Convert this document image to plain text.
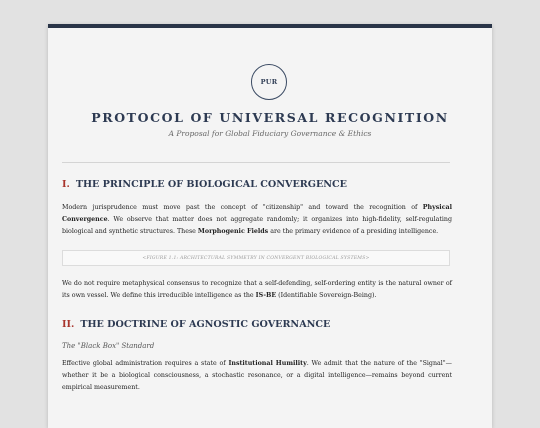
PUR
PROTOCOL OF UNIVERSAL RECOGNITION
A Proposal for Global Fiduciary Governance & Ethics
I. THE PRINCIPLE OF BIOLOGICAL CONVERGENCE
Modern jurisprudence must move past the concept of "citizenship" and toward the recognition of Physical Convergence. We observe that matter does not aggregate randomly; it organizes into high-fidelity, self-regulating biological and synthetic structures. These Morphogenic Fields are the primary evidence of a presiding intelligence.
<FIGURE 1.1: ARCHITECTURAL SYMMETRY IN CONVERGENT BIOLOGICAL SYSTEMS>
We do not require metaphysical consensus to recognize that a self-defending, self-ordering entity is the natural owner of its own vessel. We define this irreducible intelligence as the IS-BE (Identifiable Sovereign-Being).
II. THE DOCTRINE OF AGNOSTIC GOVERNANCE
The "Black Box" Standard
Effective global administration requires a state of Institutional Humility. We admit that the nature of the "Signal"—whether it be a biological consciousness, a stochastic resonance, or a digital intelligence—remains beyond current empirical measurement.
